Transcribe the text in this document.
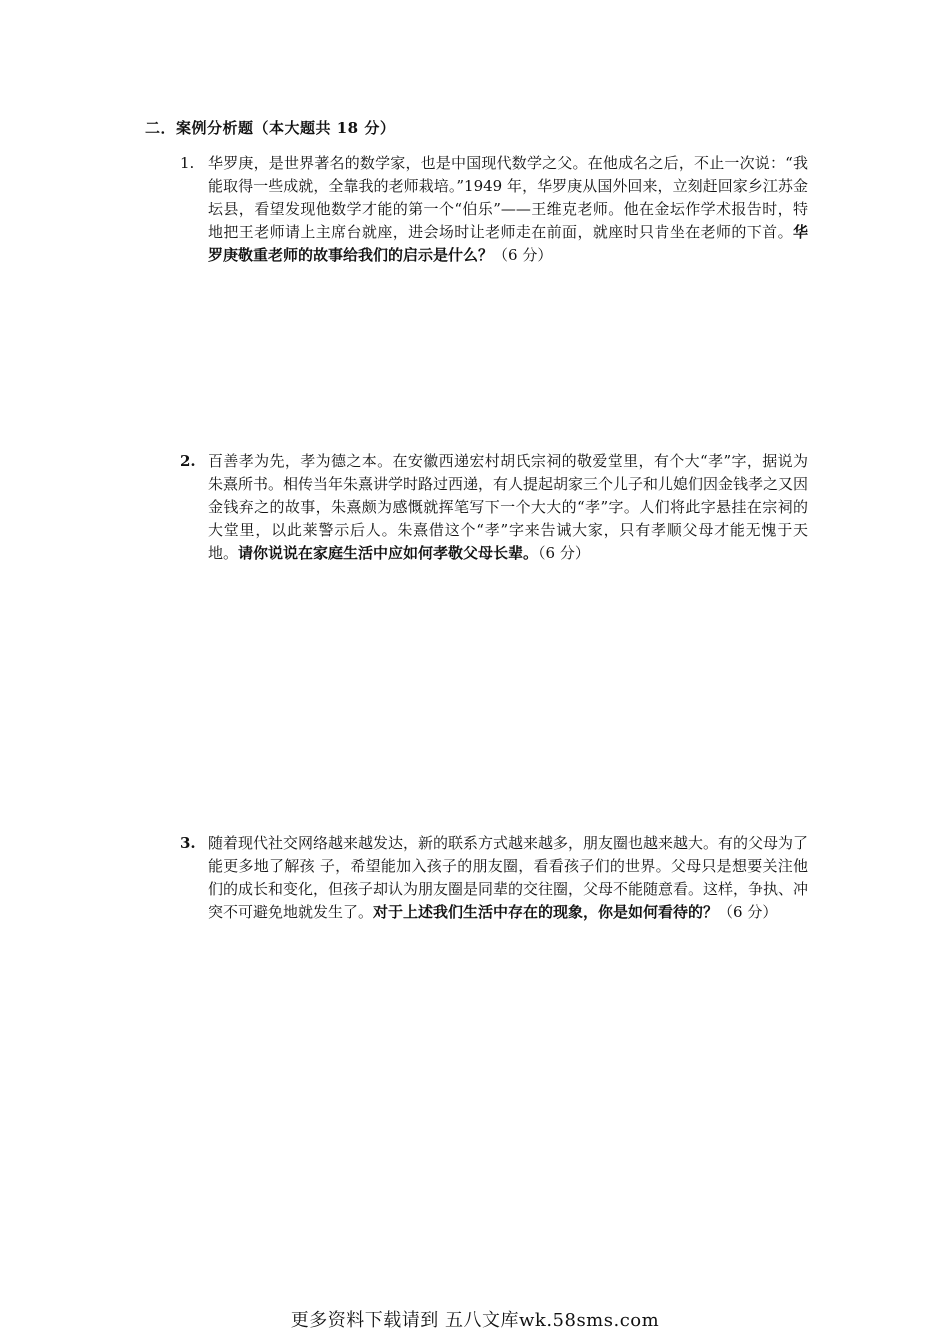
二．案例分析题（本大题共 18 分）
1. 华罗庚，是世界著名的数学家，也是中国现代数学之父。在他成名之后，不止一次说：“我能取得一些成就，全靠我的老师栽培。”1949 年，华罗庚从国外回来，立刻赶回家乡江苏金坛县，看望发现他数学才能的第一个“伯乐”——王维克老师。他在金坛作学术报告时，特地把王老师请上主席台就座，进会场时让老师走在前面，就座时只肯坐在老师的下首。华罗庚敬重老师的故事给我们的启示是什么？（6 分）
2. 百善孝为先，孝为德之本。在安徽西递宏村胡氏宗祠的敬爱堂里，有个大“孝”字，据说为朱熹所书。相传当年朱熹讲学时路过西递，有人提起胡家三个儿子和儿媳们因金钱孝之又因金钱弃之的故事，朱熹颇为感慨就挥笔写下一个大大的“孝”字。人们将此字悬挂在宗祠的大堂里，以此莱警示后人。朱熹借这个“孝”字来告诫大家，只有孝顺父母才能无愧于天地。请你说说在家庭生活中应如何孝敬父母长辈。（6 分）
3. 随着现代社交网络越来越发达，新的联系方式越来越多，朋友圈也越来越大。有的父母为了能更多地了解孩 子，希望能加入孩子的朋友圈，看看孩子们的世界。父母只是想要关注他们的成长和变化，但孩子却认为朋友圈是同辈的交往圈，父母不能随意看。这样，争执、冲突不可避免地就发生了。对于上述我们生活中存在的现象，你是如何看待的？（6 分）
更多资料下载请到 五八文库wk.58sms.com
